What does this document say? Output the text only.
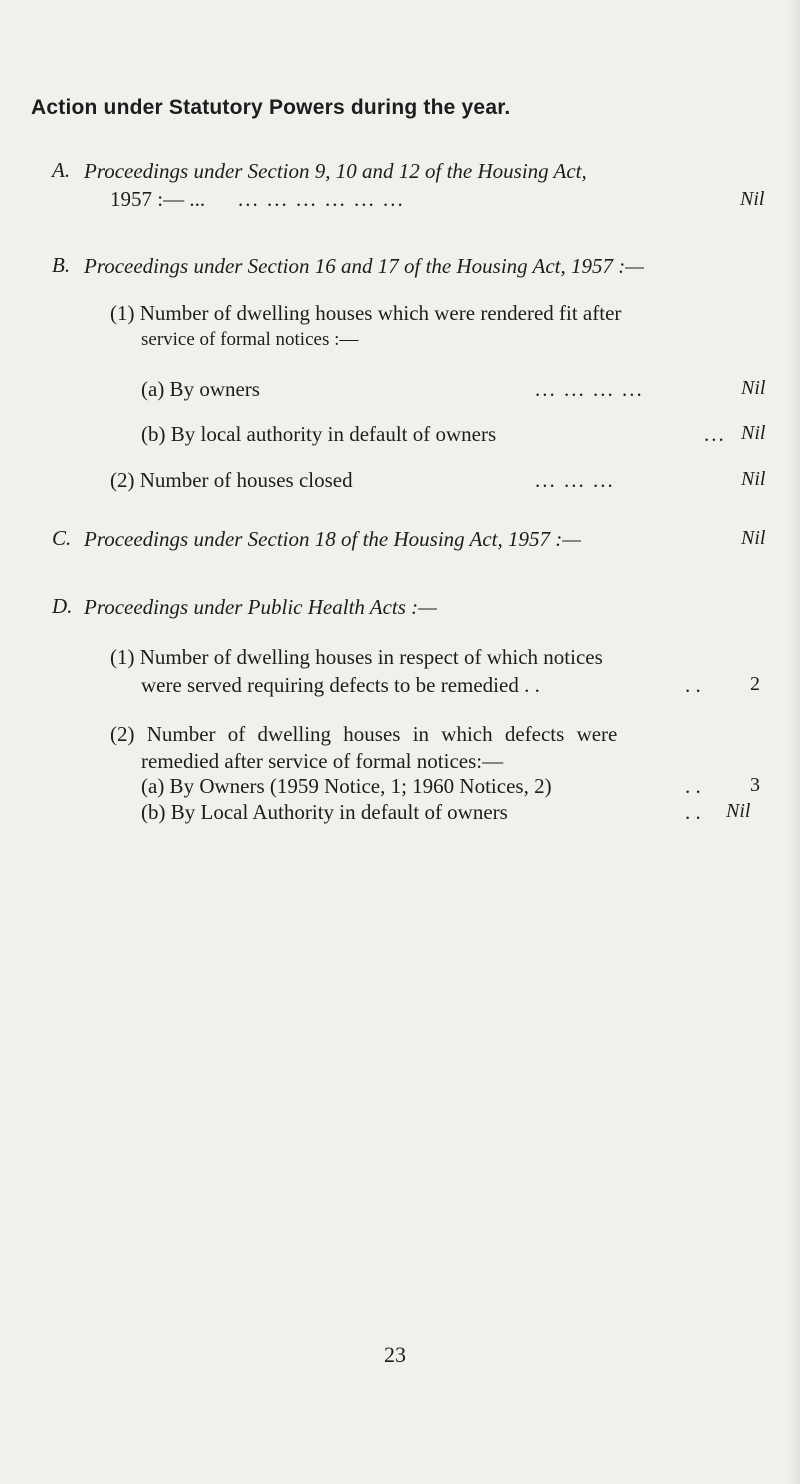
Action under Statutory Powers during the year.
A. Proceedings under Section 9, 10 and 12 of the Housing Act,
1957 :— ... ... ... ... ... ... ...	Nil
B. Proceedings under Section 16 and 17 of the Housing Act, 1957 :—
(1) Number of dwelling houses which were rendered fit after
service of formal notices :—
(a) By owners	... ... ... ...	Nil
(b) By local authority in default of owners	... Nil
(2) Number of houses closed	... ... ...	Nil
C. Proceedings under Section 18 of the Housing Act, 1957 :—	Nil
D. Proceedings under Public Health Acts :—
(1) Number of dwelling houses in respect of which notices
were served requiring defects to be remedied . .	. .	2
(2) Number of dwelling houses in which defects were
remedied after service of formal notices:—
(a) By Owners (1959 Notice, 1; 1960 Notices, 2)	. .	3
(b) By Local Authority in default of owners	. . Nil
23
